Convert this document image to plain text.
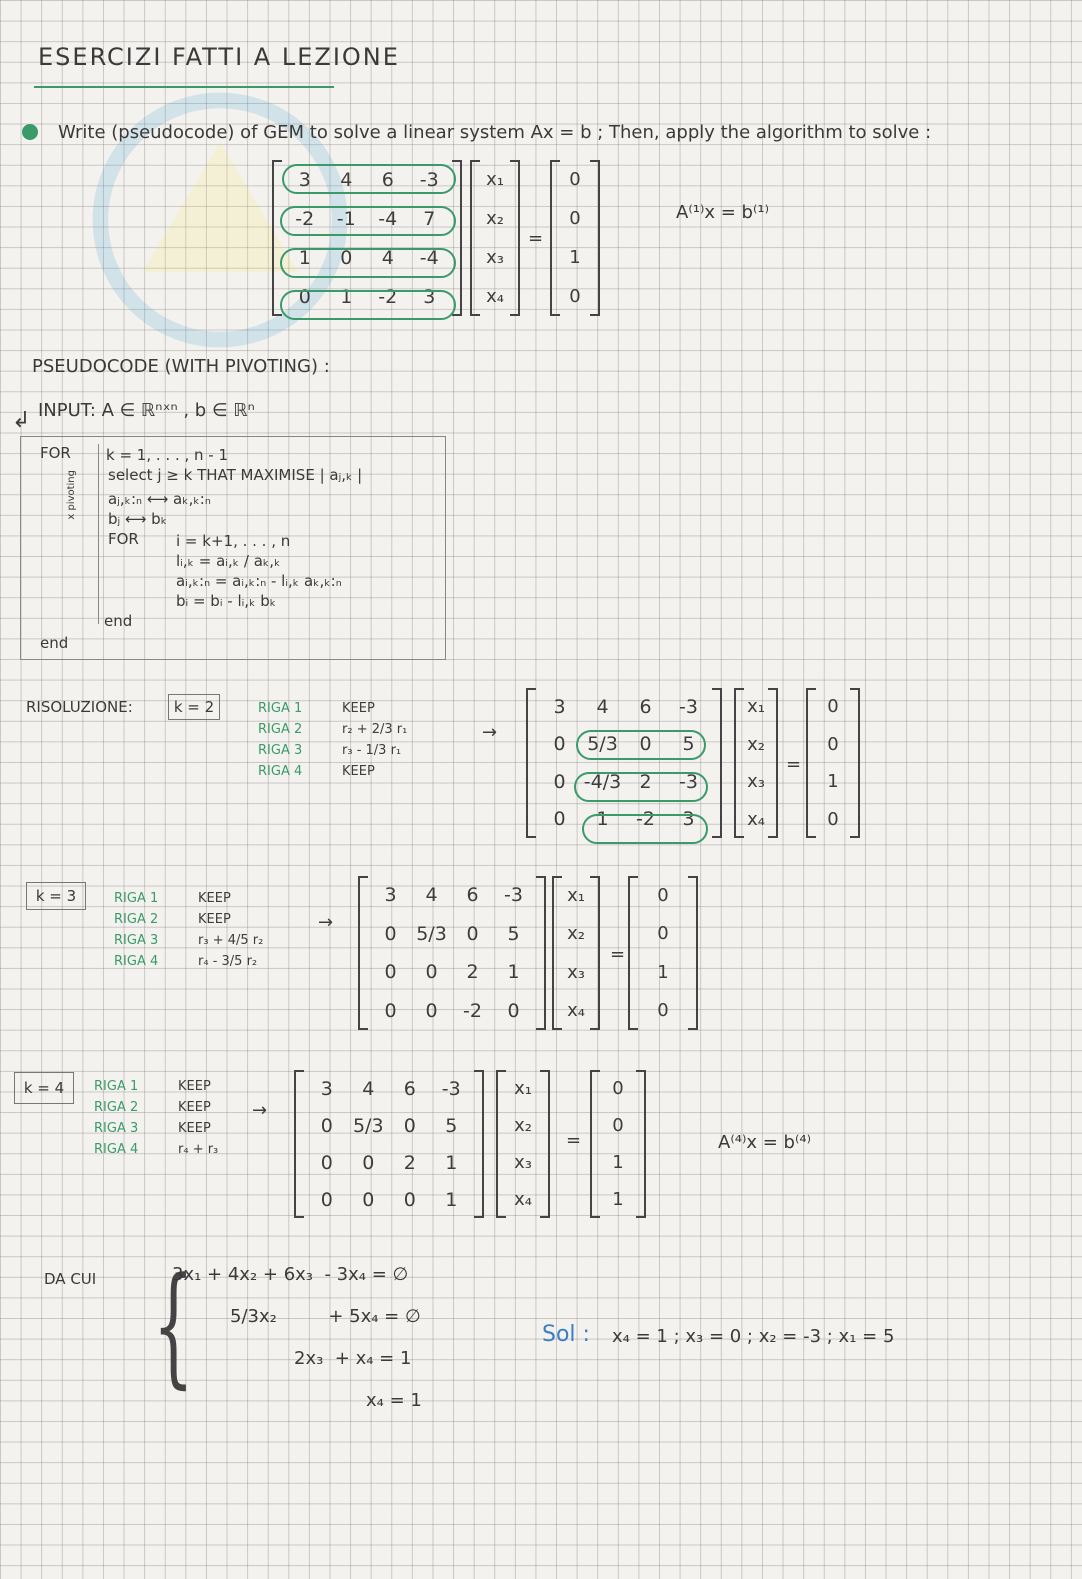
ESERCIZI FATTI A LEZIONE
Write (pseudocode) of GEM to solve a linear system Ax = b ; Then, apply the algorithm to solve :
3 4 6 -3
-2 -1 -4 7
1 0 4 -4
0 1 -2 3
x₁
x₂
x₃
x₄
=
0
0
1
0
A⁽¹⁾x = b⁽¹⁾
PSEUDOCODE (WITH PIVOTING) :
INPUT: A ∈ ℝⁿˣⁿ , b ∈ ℝⁿ
↲
FOR k = 1, . . . , n - 1
x pivoting select j ≥ k THAT MAXIMISE | aⱼ,ₖ |
aⱼ,ₖ:ₙ ⟷ aₖ,ₖ:ₙ
bⱼ ⟷ bₖ
FOR i = k+1, . . . , n
lᵢ,ₖ = aᵢ,ₖ / aₖ,ₖ
aᵢ,ₖ:ₙ = aᵢ,ₖ:ₙ - lᵢ,ₖ aₖ,ₖ:ₙ
bᵢ = bᵢ - lᵢ,ₖ bₖ
end
end
RISOLUZIONE:	k = 2	RIGA 1	KEEP
RIGA 2	r₂ + 2/3 r₁
RIGA 3	r₃ - 1/3 r₁
RIGA 4	KEEP
→
3 4 6 -3
0 5/3 0 5
0 -4/3 2 -3
0 1 -2 3
x₁
x₂
x₃
x₄
=
0
0
1
0
k = 3	RIGA 1	KEEP
RIGA 2	KEEP
RIGA 3	r₃ + 4/5 r₂
RIGA 4	r₄ - 3/5 r₂
→
3 4 6 -3
0 5/3 0 5
0 0 2 1
0 0 -2 0
x₁
x₂
x₃
x₄
=
0
0
1
0
k = 4	RIGA 1	KEEP
RIGA 2	KEEP
RIGA 3	KEEP
RIGA 4	r₄ + r₃
→
3 4 6 -3
0 5/3 0 5
0 0 2 1
0 0 0 1
x₁
x₂
x₃
x₄
=
0
0
1
1
A⁽⁴⁾x = b⁽⁴⁾
DA CUI {
3x₁ + 4x₂ + 6x₃  - 3x₄ = ∅
5/3x₂         + 5x₄ = ∅
2x₃  + x₄ = 1
x₄ = 1
Sol : x₄ = 1 ; x₃ = 0 ; x₂ = -3 ; x₁ = 5
